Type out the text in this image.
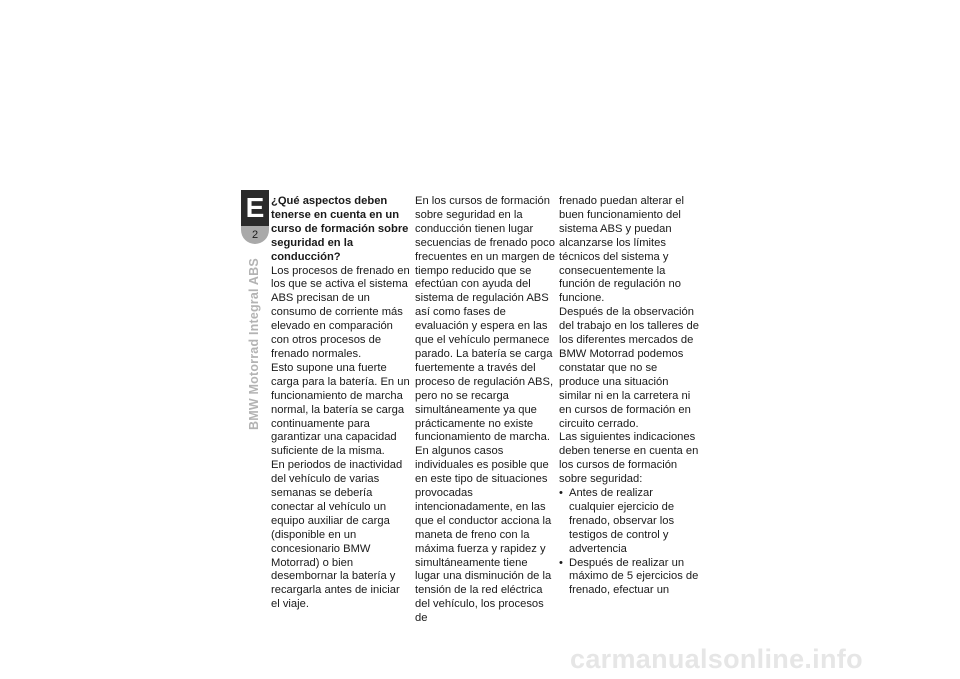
E
2
BMW Motorrad Integral ABS
¿Qué aspectos deben tenerse en cuenta en un curso de formación sobre seguridad en la conducción?

Los procesos de frenado en los que se activa el sistema ABS precisan de un consumo de corriente más elevado en comparación con otros procesos de frenado normales.

Esto supone una fuerte carga para la batería. En un funcionamiento de marcha normal, la batería se carga continuamente para garantizar una capacidad suficiente de la misma.

En periodos de inactividad del vehículo de varias semanas se debería conectar al vehículo un equipo auxiliar de carga (disponible en un concesionario BMW Motorrad) o bien desembornar la batería y recargarla antes de iniciar el viaje.

En los cursos de formación sobre seguridad en la conducción tienen lugar secuencias de frenado poco frecuentes en un margen de tiempo reducido que se efectúan con ayuda del sistema de regulación ABS así como fases de evaluación y espera en las que el vehículo permanece parado. La batería se carga fuertemente a través del proceso de regulación ABS, pero no se recarga simultáneamente ya que prácticamente no existe funcionamiento de marcha. En algunos casos individuales es posible que en este tipo de situaciones provocadas intencionadamente, en las que el conductor acciona la maneta de freno con la máxima fuerza y rapidez y simultáneamente tiene lugar una disminución de la tensión de la red eléctrica del vehículo, los procesos de

frenado puedan alterar el buen funcionamiento del sistema ABS y puedan alcanzarse los límites técnicos del sistema y consecuentemente la función de regulación no funcione.

Después de la observación del trabajo en los talleres de los diferentes mercados de BMW Motorrad podemos constatar que no se produce una situación similar ni en la carretera ni en cursos de formación en circuito cerrado.

Las siguientes indicaciones deben tenerse en cuenta en los cursos de formación sobre seguridad:

• Antes de realizar cualquier ejercicio de frenado, observar los testigos de control y advertencia
• Después de realizar un máximo de 5 ejercicios de frenado, efectuar un
carmanualsonline.info
